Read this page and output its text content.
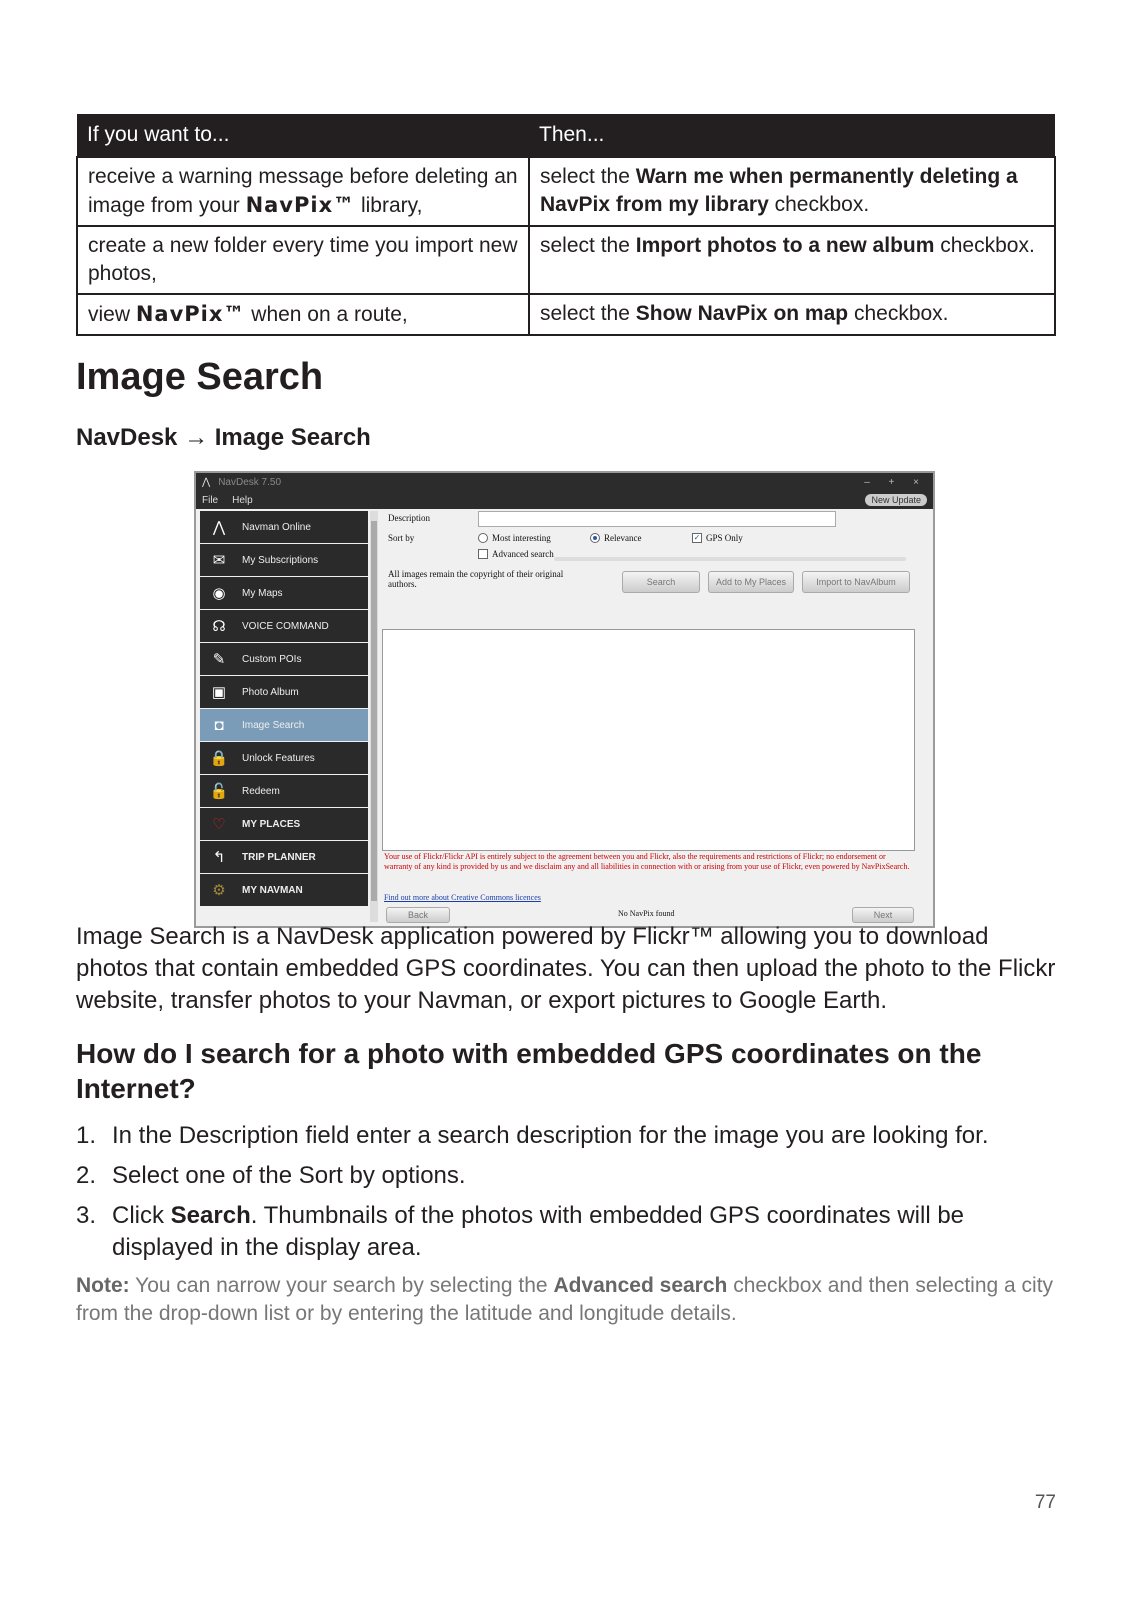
If you want to...	Then...
receive a warning message before deleting an image from your NavPix™ library,	select the Warn me when permanently deleting a NavPix from my library checkbox.
create a new folder every time you import new photos,	select the Import photos to a new album checkbox.
view NavPix™ when on a route,	select the Show NavPix on map checkbox.
Image Search
NavDesk → Image Search
⋀ NavDesk 7.50	– + ×
File Help	New Update
⋀	Navman Online
✉	My Subscriptions
◉	My Maps
☊	VOICE COMMAND
✎	Custom POIs
▣	Photo Album
◘	Image Search
🔒 Unlock Features
🔓 Redeem
♡	MY PLACES
↰	TRIP PLANNER
⚙	MY NAVMAN
Description
Sort by	Most interesting	Relevance	✓ GPS Only
Advanced search
All images remain the copyright of their original authors.	Search	Add to My Places	Import to NavAlbum
Your use of Flickr/Flickr API is entirely subject to the agreement between you and Flickr, also the requirements and restrictions of Flickr; no endorsement or warranty of any kind is provided by us and we disclaim any and all liabilities in connection with or arising from your use of Flickr, even powered by NavPixSearch.
Find out more about Creative Commons licences
Back	No NavPix found	Next
Image Search is a NavDesk application powered by Flickr™ allowing you to download photos that contain embedded GPS coordinates. You can then upload the photo to the Flickr website, transfer photos to your Navman, or export pictures to Google Earth.
How do I search for a photo with embedded GPS coordinates on the Internet?
1. In the Description field enter a search description for the image you are looking for.
2. Select one of the Sort by options.
3. Click Search. Thumbnails of the photos with embedded GPS coordinates will be displayed in the display area.
Note: You can narrow your search by selecting the Advanced search checkbox and then selecting a city from the drop-down list or by entering the latitude and longitude details.
77
